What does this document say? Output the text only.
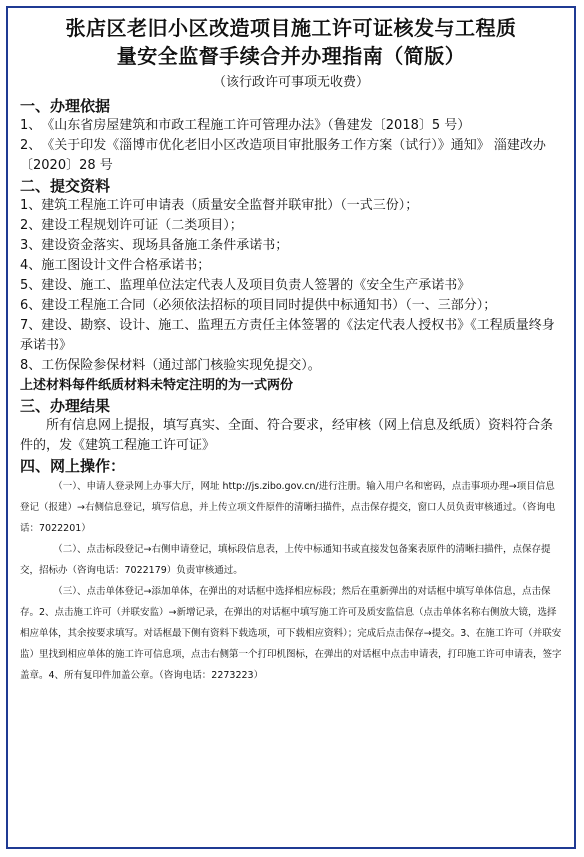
张店区老旧小区改造项目施工许可证核发与工程质

量安全监督手续合并办理指南（简版）

（该行政许可事项无收费）

一、办理依据

1、　《山东省房屋建筑和市政工程施工许可管理办法》（鲁建发〔2018〕5 号）

2、　《关于印发《淄博市优化老旧小区改造项目审批服务工作方案（试行）》通知》 淄建改办〔2020〕28 号

二、提交资料

1、建筑工程施工许可申请表（质量安全监督并联审批）（一式三份）；

2、建设工程规划许可证（二类项目）；

3、建设资金落实、现场具备施工条件承诺书；

4、施工图设计文件合格承诺书；

5、建设、施工、监理单位法定代表人及项目负责人签署的《安全生产承诺书》

6、建设工程施工合同（必须依法招标的项目同时提供中标通知书）（一、三部分）；

7、建设、勘察、设计、施工、监理五方责任主体签署的《法定代表人授权书》《工程质量终身承诺书》

8、工伤保险参保材料（通过部门核验实现免提交）。

上述材料每件纸质材料未特定注明的为一式两份

三、办理结果

所有信息网上提报，填写真实、全面、符合要求，经审核（网上信息及纸质）资料符合条件的，发《建筑工程施工许可证》

四、网上操作：

（一）、申请人登录网上办事大厅，网址 http://js.zibo.gov.cn/进行注册。输入用户名和密码，点击事项办理→项目信息登记（报建）→右侧信息登记，填写信息，并上传立项文件原件的清晰扫描件，点击保存提交，窗口人员负责审核通过。（咨询电话：7022201）

（二）、点击标段登记→右侧申请登记，填标段信息表，上传中标通知书或直接发包备案表原件的清晰扫描件，点保存提交，招标办（咨询电话：7022179）负责审核通过。

（三）、点击单体登记→添加单体，在弹出的对话框中选择相应标段；然后在重新弹出的对话框中填写单体信息，点击保存。2、点击施工许可（并联安监）→新增记录，在弹出的对话框中填写施工许可及质安监信息（点击单体名称右侧放大镜，选择相应单体，其余按要求填写。对话框最下侧有资料下载选项，可下载相应资料）；完成后点击保存→提交。3、在施工许可（并联安监）里找到相应单体的施工许可信息项，点击右侧第一个打印机图标，在弹出的对话框中点击申请表，打印施工许可申请表，签字盖章。4、所有复印件加盖公章。（咨询电话：2273223）
